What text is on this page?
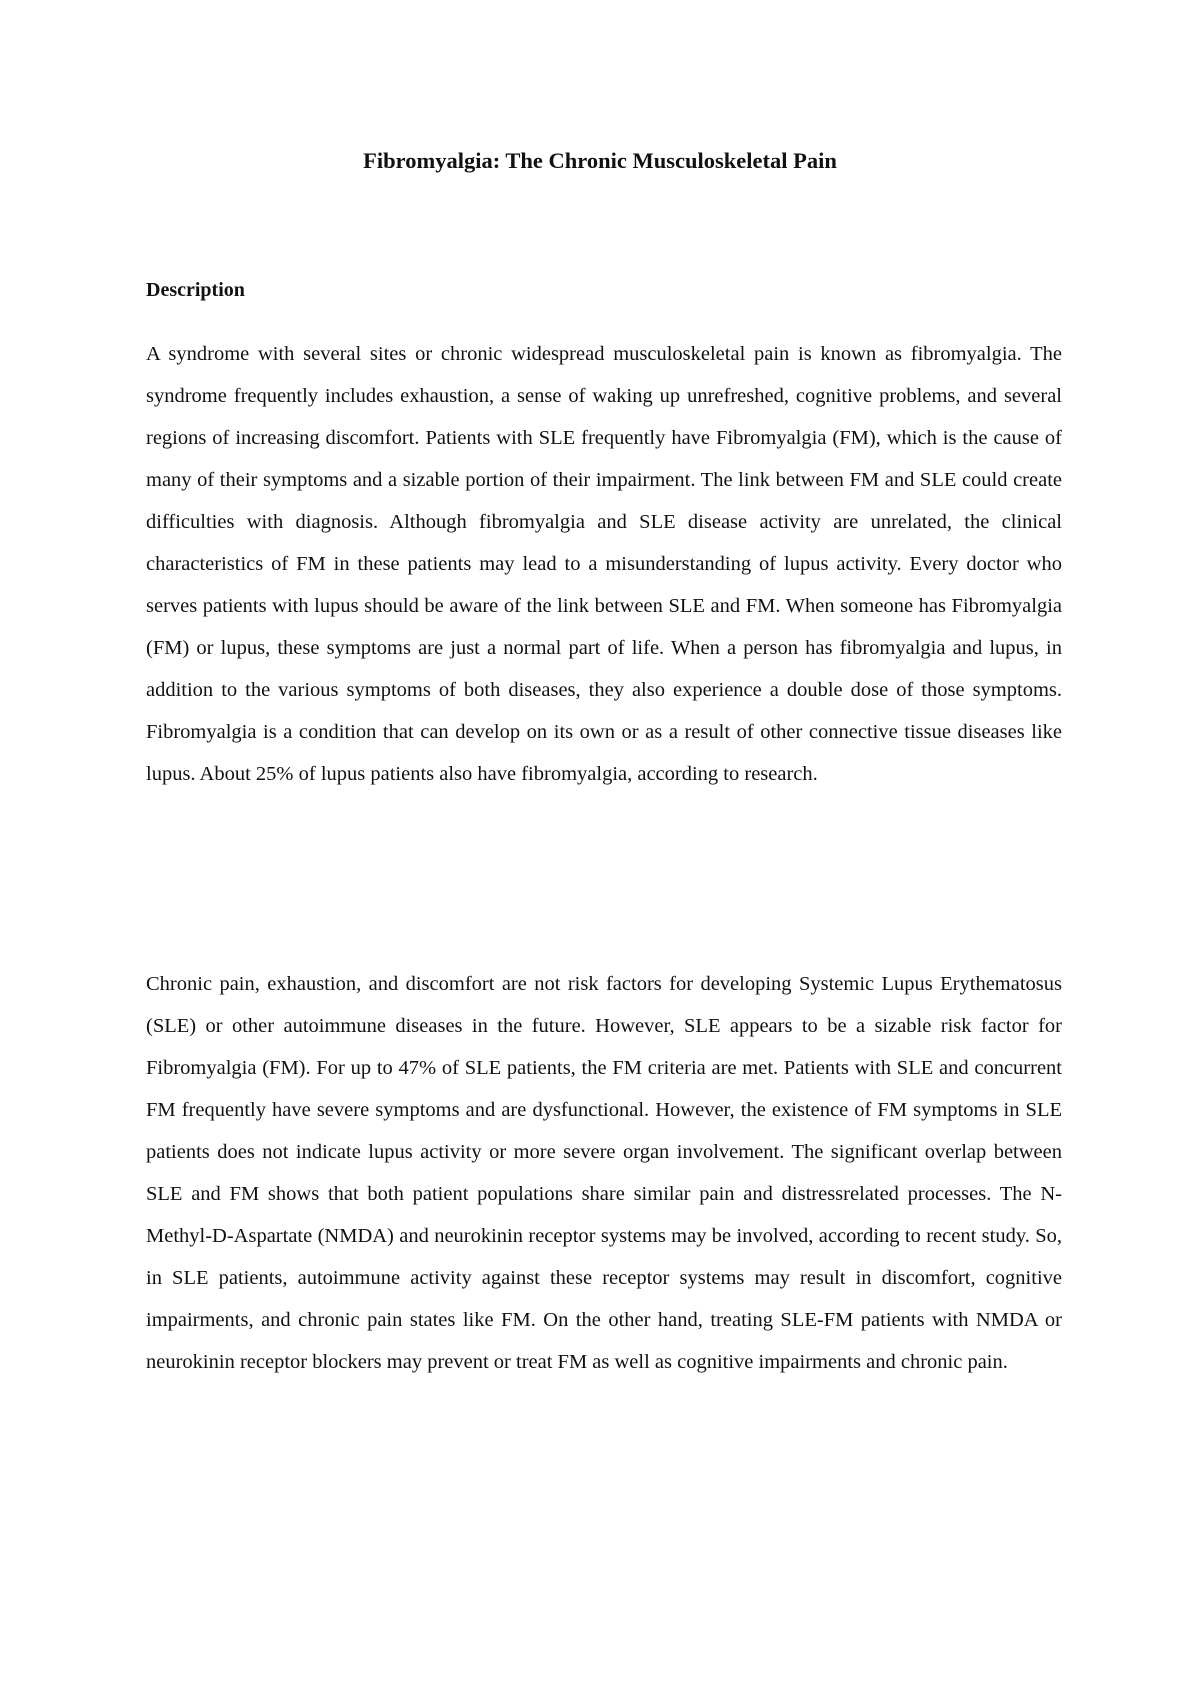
Fibromyalgia: The Chronic Musculoskeletal Pain
Description

A syndrome with several sites or chronic widespread musculoskeletal pain is known as fibromyalgia. The syndrome frequently includes exhaustion, a sense of waking up unrefreshed, cognitive problems, and several regions of increasing discomfort. Patients with SLE frequently have Fibromyalgia (FM), which is the cause of many of their symptoms and a sizable portion of their impairment. The link between FM and SLE could create difficulties with diagnosis. Although fibromyalgia and SLE disease activity are unrelated, the clinical characteristics of FM in these patients may lead to a misunderstanding of lupus activity. Every doctor who serves patients with lupus should be aware of the link between SLE and FM. When someone has Fibromyalgia (FM) or lupus, these symptoms are just a normal part of life. When a person has fibromyalgia and lupus, in addition to the various symptoms of both diseases, they also experience a double dose of those symptoms. Fibromyalgia is a condition that can develop on its own or as a result of other connective tissue diseases like lupus. About 25% of lupus patients also have fibromyalgia, according to research.

Chronic pain, exhaustion, and discomfort are not risk factors for developing Systemic Lupus Erythematosus (SLE) or other autoimmune diseases in the future. However, SLE appears to be a sizable risk factor for Fibromyalgia (FM). For up to 47% of SLE patients, the FM criteria are met. Patients with SLE and concurrent FM frequently have severe symptoms and are dysfunctional. However, the existence of FM symptoms in SLE patients does not indicate lupus activity or more severe organ involvement. The significant overlap between SLE and FM shows that both patient populations share similar pain and distressrelated processes. The N-Methyl-D-Aspartate (NMDA) and neurokinin receptor systems may be involved, according to recent study. So, in SLE patients, autoimmune activity against these receptor systems may result in discomfort, cognitive impairments, and chronic pain states like FM. On the other hand, treating SLE-FM patients with NMDA or neurokinin receptor blockers may prevent or treat FM as well as cognitive impairments and chronic pain.
